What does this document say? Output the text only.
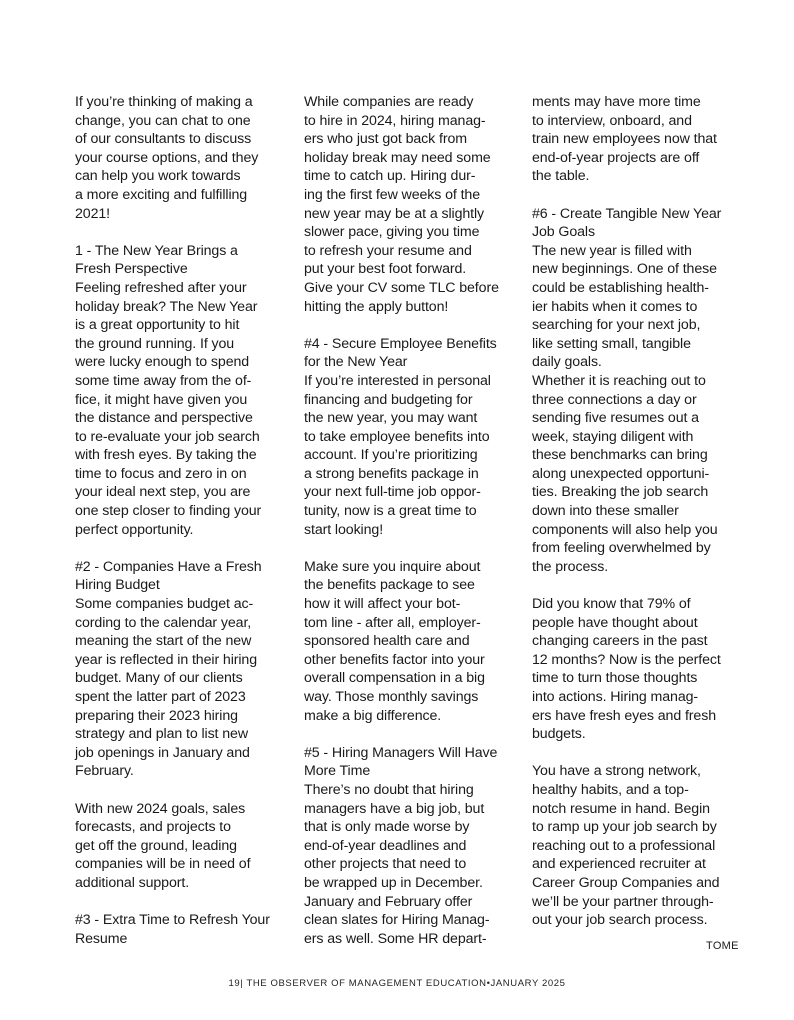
If you’re thinking of making a
change, you can chat to one
of our consultants to discuss
your course options, and they
can help you work towards
a more exciting and fulfilling
2021!
1 - The New Year Brings a
Fresh Perspective
Feeling refreshed after your
holiday break? The New Year
is a great opportunity to hit
the ground running. If you
were lucky enough to spend
some time away from the of-
fice, it might have given you
the distance and perspective
to re-evaluate your job search
with fresh eyes. By taking the
time to focus and zero in on
your ideal next step, you are
one step closer to finding your
perfect opportunity.
#2 - Companies Have a Fresh
Hiring Budget
Some companies budget ac-
cording to the calendar year,
meaning the start of the new
year is reflected in their hiring
budget. Many of our clients
spent the latter part of 2023
preparing their 2023 hiring
strategy and plan to list new
job openings in January and
February.
With new 2024 goals, sales
forecasts, and projects to
get off the ground, leading
companies will be in need of
additional support.
#3 - Extra Time to Refresh Your
Resume
While companies are ready
to hire in 2024, hiring manag-
ers who just got back from
holiday break may need some
time to catch up. Hiring dur-
ing the first few weeks of the
new year may be at a slightly
slower pace, giving you time
to refresh your resume and
put your best foot forward.
Give your CV some TLC before
hitting the apply button!
#4 - Secure Employee Benefits
for the New Year
If you’re interested in personal
financing and budgeting for
the new year, you may want
to take employee benefits into
account. If you’re prioritizing
a strong benefits package in
your next full-time job oppor-
tunity, now is a great time to
start looking!
Make sure you inquire about
the benefits package to see
how it will affect your bot-
tom line - after all, employer-
sponsored health care and
other benefits factor into your
overall compensation in a big
way. Those monthly savings
make a big difference.
#5 - Hiring Managers Will Have
More Time
There’s no doubt that hiring
managers have a big job, but
that is only made worse by
end-of-year deadlines and
other projects that need to
be wrapped up in December.
January and February offer
clean slates for Hiring Manag-
ers as well. Some HR depart-
ments may have more time
to interview, onboard, and
train new employees now that
end-of-year projects are off
the table.
#6 - Create Tangible New Year
Job Goals
The new year is filled with
new beginnings. One of these
could be establishing health-
ier habits when it comes to
searching for your next job,
like setting small, tangible
daily goals.
Whether it is reaching out to
three connections a day or
sending five resumes out a
week, staying diligent with
these benchmarks can bring
along unexpected opportuni-
ties. Breaking the job search
down into these smaller
components will also help you
from feeling overwhelmed by
the process.
Did you know that 79% of
people have thought about
changing careers in the past
12 months? Now is the perfect
time to turn those thoughts
into actions. Hiring manag-
ers have fresh eyes and fresh
budgets.
You have a strong network,
healthy habits, and a top-
notch resume in hand. Begin
to ramp up your job search by
reaching out to a professional
and experienced recruiter at
Career Group Companies and
we’ll be your partner through-
out your job search process.
TOME
19| THE OBSERVER OF MANAGEMENT EDUCATION•JANUARY 2025
